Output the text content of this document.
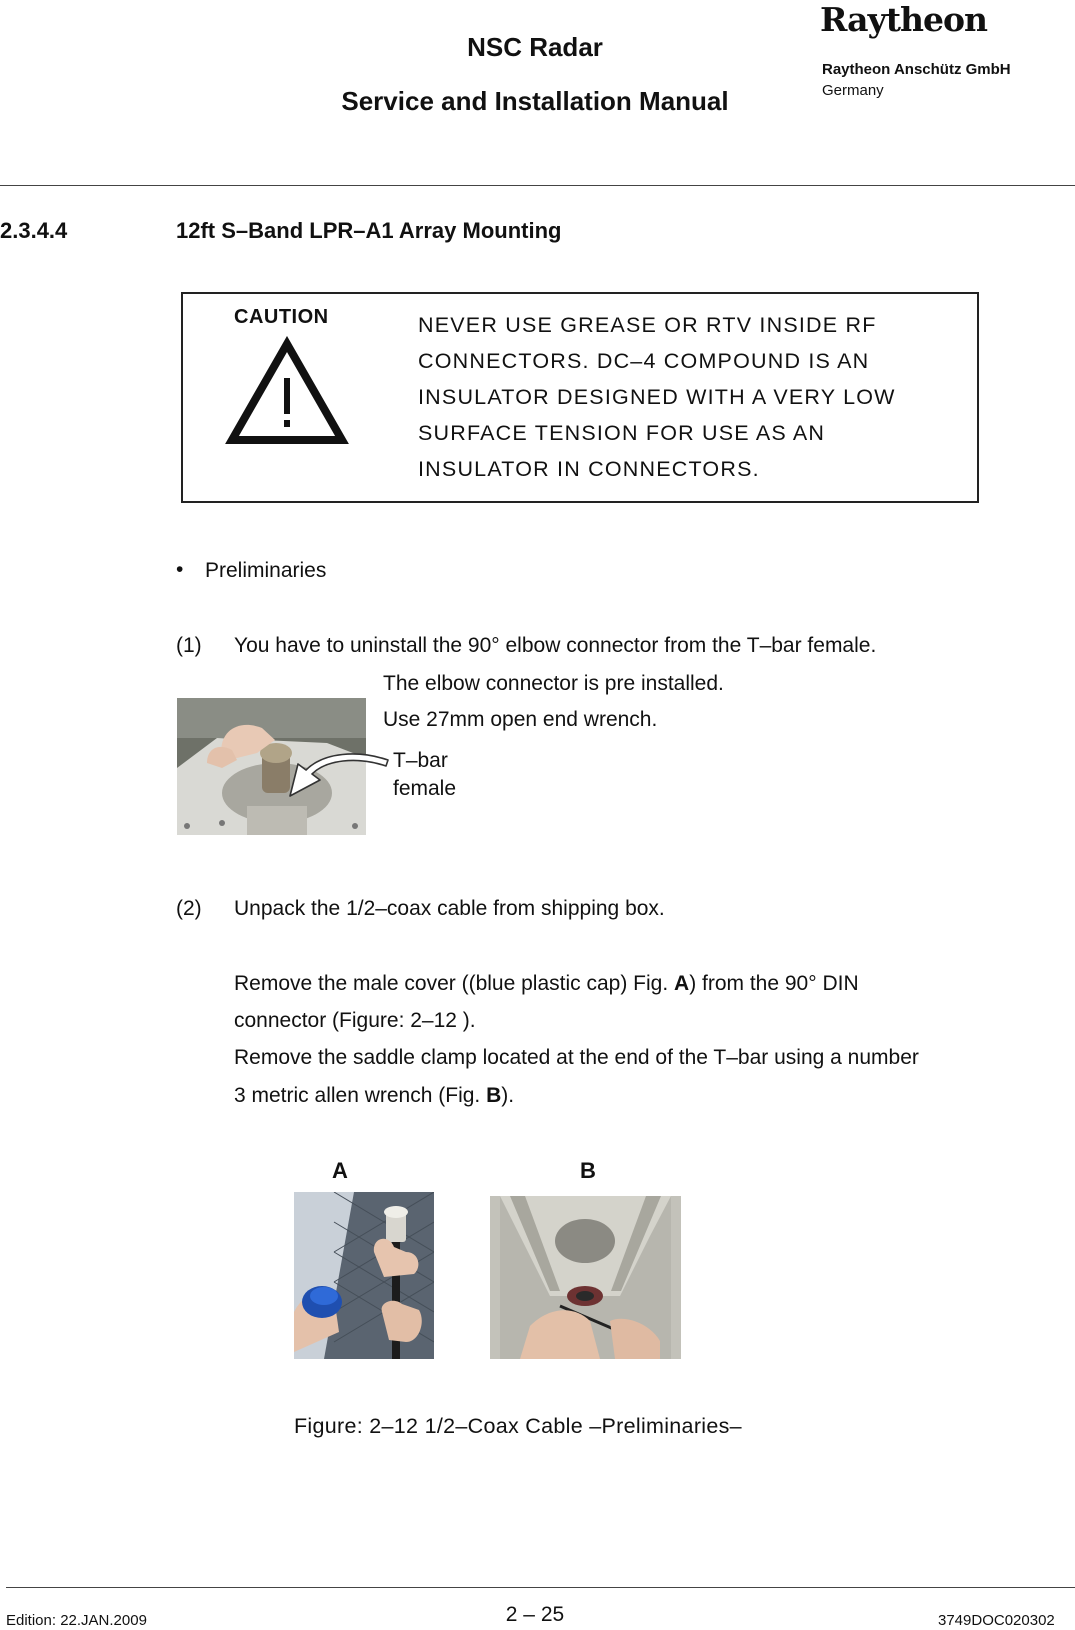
NSC Radar
Service and Installation Manual
Raytheon
Raytheon Anschütz GmbH
Germany
2.3.4.4	12ft S–Band LPR–A1 Array Mounting
CAUTION	NEVER USE GREASE OR RTV INSIDE RF
CONNECTORS. DC–4 COMPOUND IS AN
INSULATOR DESIGNED WITH A VERY LOW
SURFACE TENSION FOR USE AS AN
INSULATOR IN CONNECTORS.
• Preliminaries
(1) You have to uninstall the 90° elbow connector from the T–bar female.
The elbow connector is pre installed.
Use 27mm open end wrench.
T–bar
female
(2) Unpack the 1/2–coax cable from shipping box.
Remove the male cover ((blue plastic cap) Fig. A) from the 90° DIN
connector (Figure: 2–12 ).
Remove the saddle clamp located at the end of the T–bar using a number
3 metric allen wrench (Fig. B).
A	B
Figure: 2–12 1/2–Coax Cable –Preliminaries–
Edition: 22.JAN.2009	2 – 25	3749DOC020302
